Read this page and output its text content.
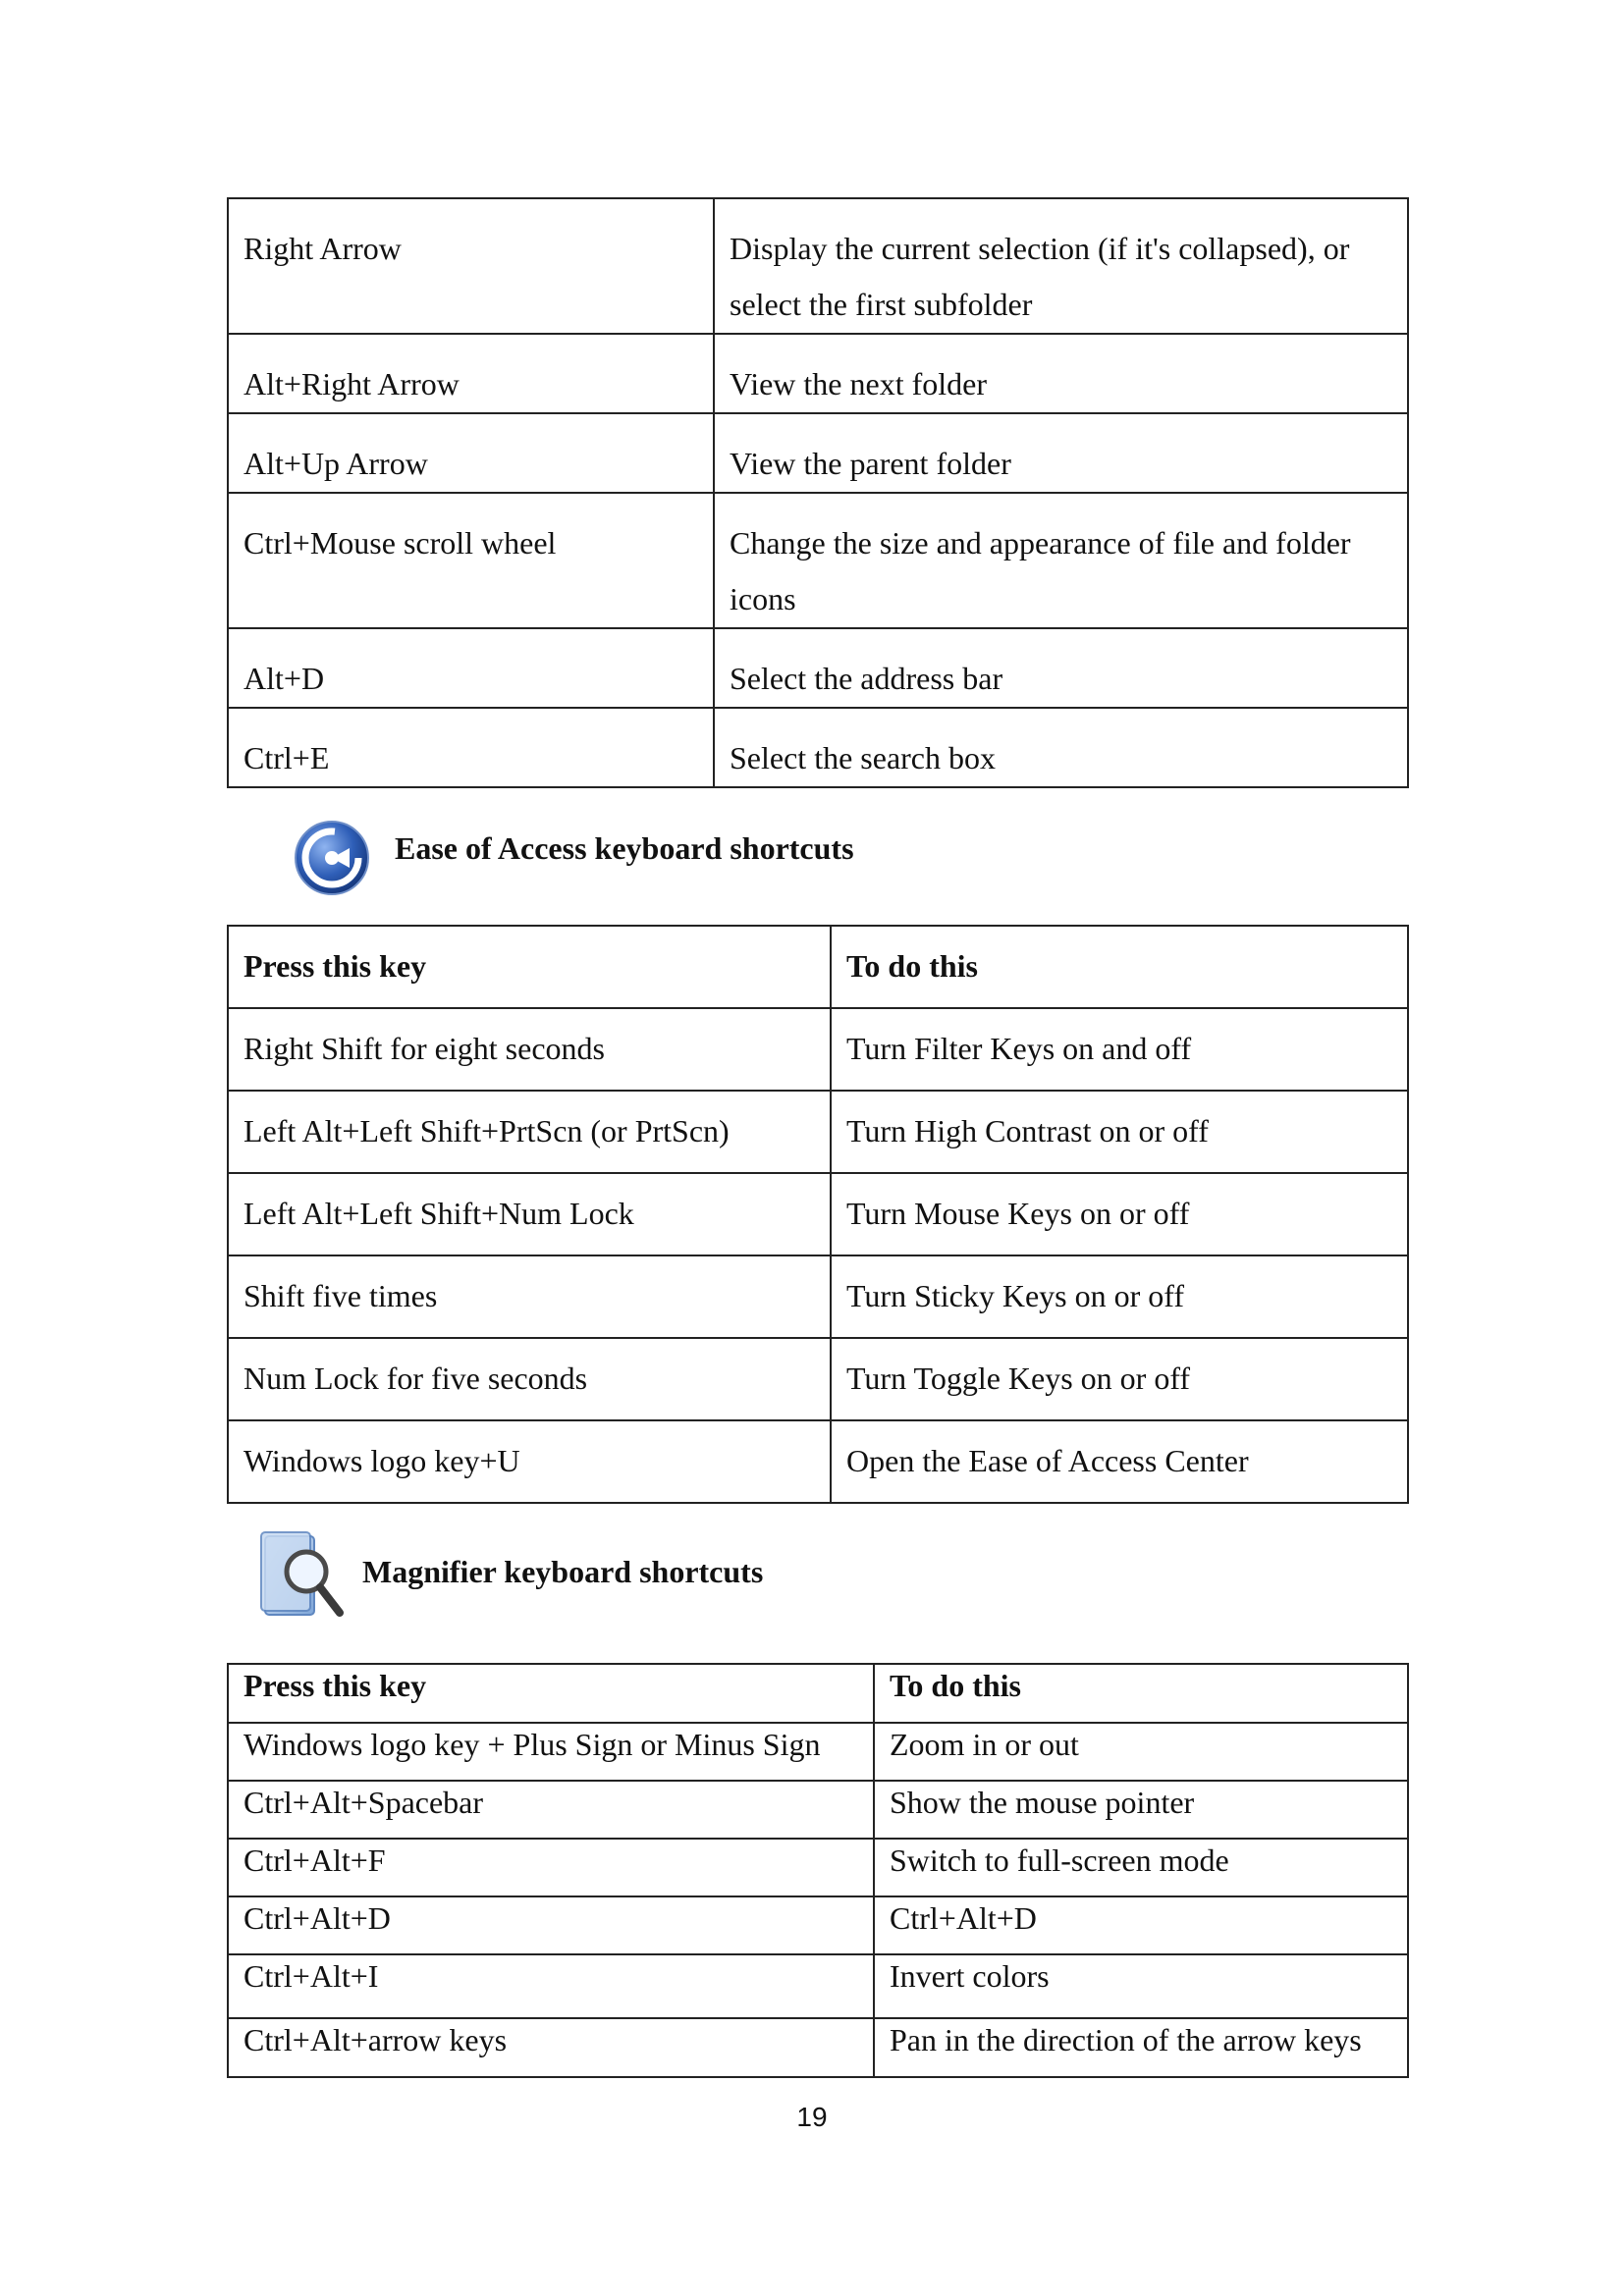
Right Arrow	Display the current selection (if it's collapsed), or select the first subfolder
Alt+Right Arrow	View the next folder
Alt+Up Arrow	View the parent folder
Ctrl+Mouse scroll wheel	Change the size and appearance of file and folder icons
Alt+D	Select the address bar
Ctrl+E	Select the search box
Ease of Access keyboard shortcuts
Press this key	To do this
Right Shift for eight seconds	Turn Filter Keys on and off
Left Alt+Left Shift+PrtScn (or PrtScn)	Turn High Contrast on or off
Left Alt+Left Shift+Num Lock	Turn Mouse Keys on or off
Shift five times	Turn Sticky Keys on or off
Num Lock for five seconds	Turn Toggle Keys on or off
Windows logo key+U	Open the Ease of Access Center
Magnifier keyboard shortcuts
Press this key	To do this
Windows logo key + Plus Sign or Minus Sign	Zoom in or out
Ctrl+Alt+Spacebar	Show the mouse pointer
Ctrl+Alt+F	Switch to full-screen mode
Ctrl+Alt+D	Ctrl+Alt+D
Ctrl+Alt+I	Invert colors
Ctrl+Alt+arrow keys	Pan in the direction of the arrow keys
19
